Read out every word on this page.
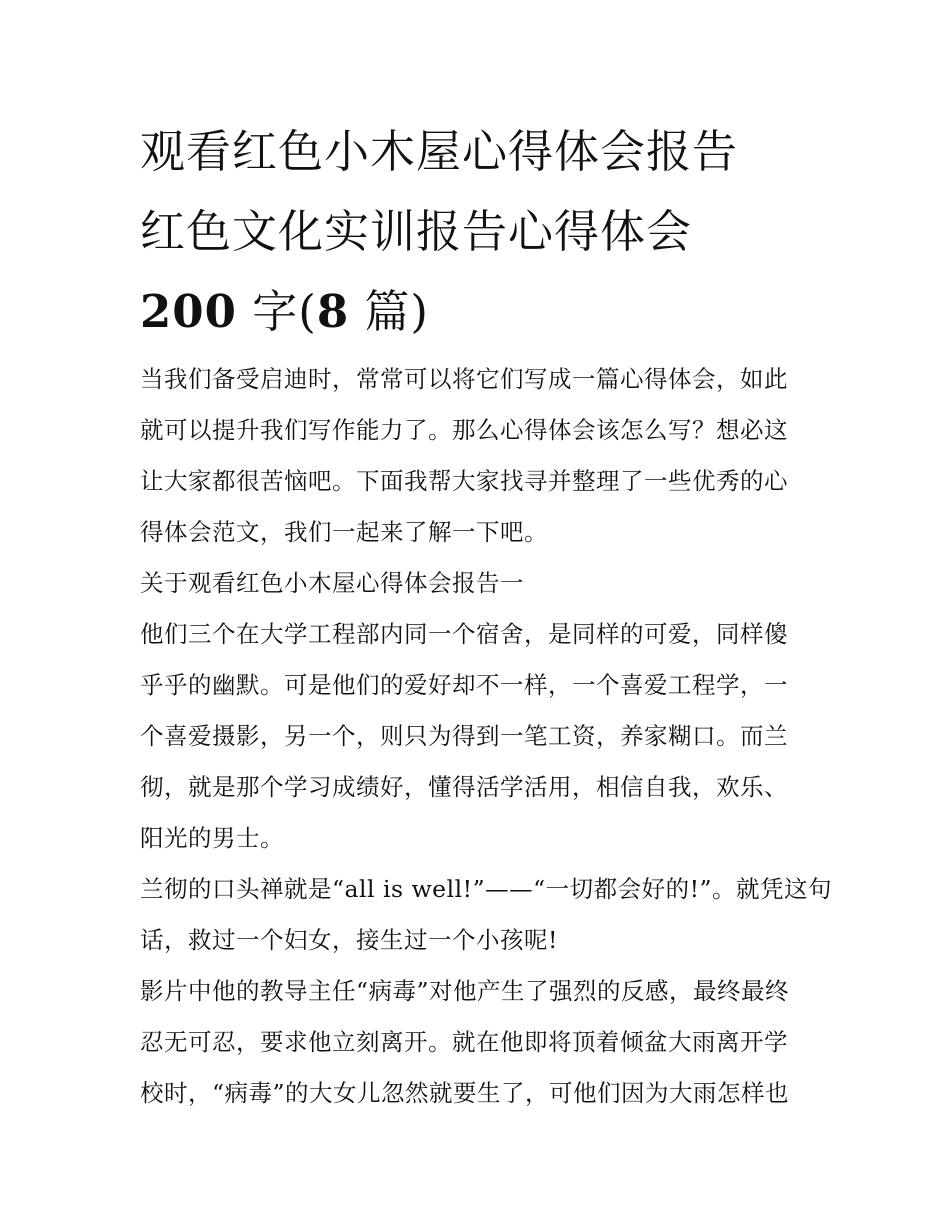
观看红色小木屋心得体会报告
红色文化实训报告心得体会
200 字(8 篇)

当我们备受启迪时，常常可以将它们写成一篇心得体会，如此
就可以提升我们写作能力了。那么心得体会该怎么写？想必这
让大家都很苦恼吧。下面我帮大家找寻并整理了一些优秀的心
得体会范文，我们一起来了解一下吧。

关于观看红色小木屋心得体会报告一

他们三个在大学工程部内同一个宿舍，是同样的可爱，同样傻
乎乎的幽默。可是他们的爱好却不一样，一个喜爱工程学，一
个喜爱摄影，另一个，则只为得到一笔工资，养家糊口。而兰
彻，就是那个学习成绩好，懂得活学活用，相信自我，欢乐、
阳光的男士。

兰彻的口头禅就是“all is well!”——“一切都会好的!”。就凭这句
话，救过一个妇女，接生过一个小孩呢!

影片中他的教导主任“病毒”对他产生了强烈的反感，最终最终
忍无可忍，要求他立刻离开。就在他即将顶着倾盆大雨离开学
校时，“病毒”的大女儿忽然就要生了，可他们因为大雨怎样也
